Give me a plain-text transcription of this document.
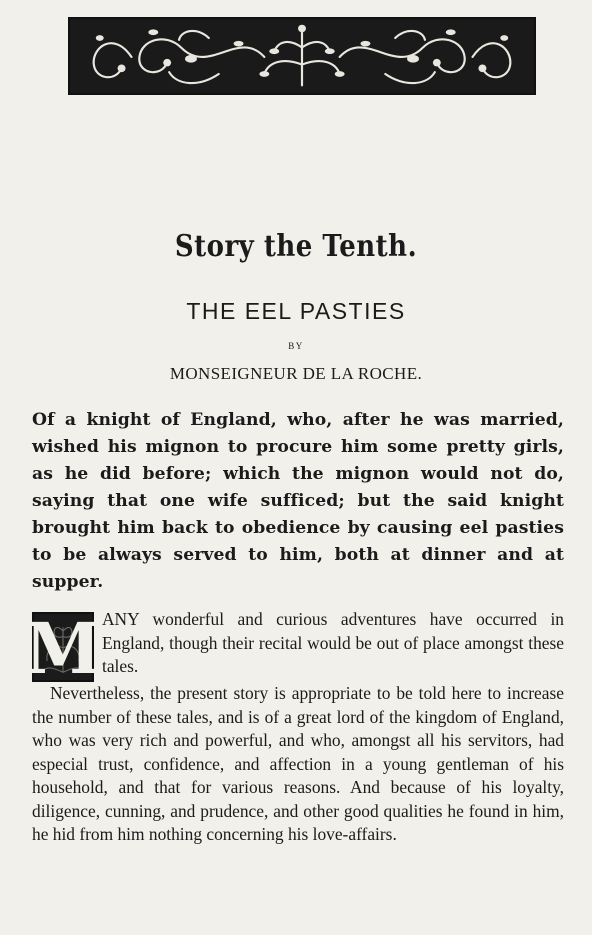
Story the Tenth.
THE EEL PASTIES
BY
MONSEIGNEUR DE LA ROCHE.
Of a knight of England, who, after he was married, wished his mignon to procure him some pretty girls, as he did before; which the mignon would not do, saying that one wife sufficed; but the said knight brought him back to obedience by causing eel pasties to be always served to him, both at dinner and at supper.

M ANY wonderful and curious adventures have occurred in England, though their recital would be out of place amongst these tales.

Nevertheless, the present story is appropriate to be told here to increase the number of these tales, and is of a great lord of the kingdom of England, who was very rich and powerful, and who, amongst all his servitors, had especial trust, confidence, and affection in a young gentleman of his household, and that for various reasons. And because of his loyalty, diligence, cunning, and prudence, and other good qualities he found in him, he hid from him nothing concerning his love-affairs.
